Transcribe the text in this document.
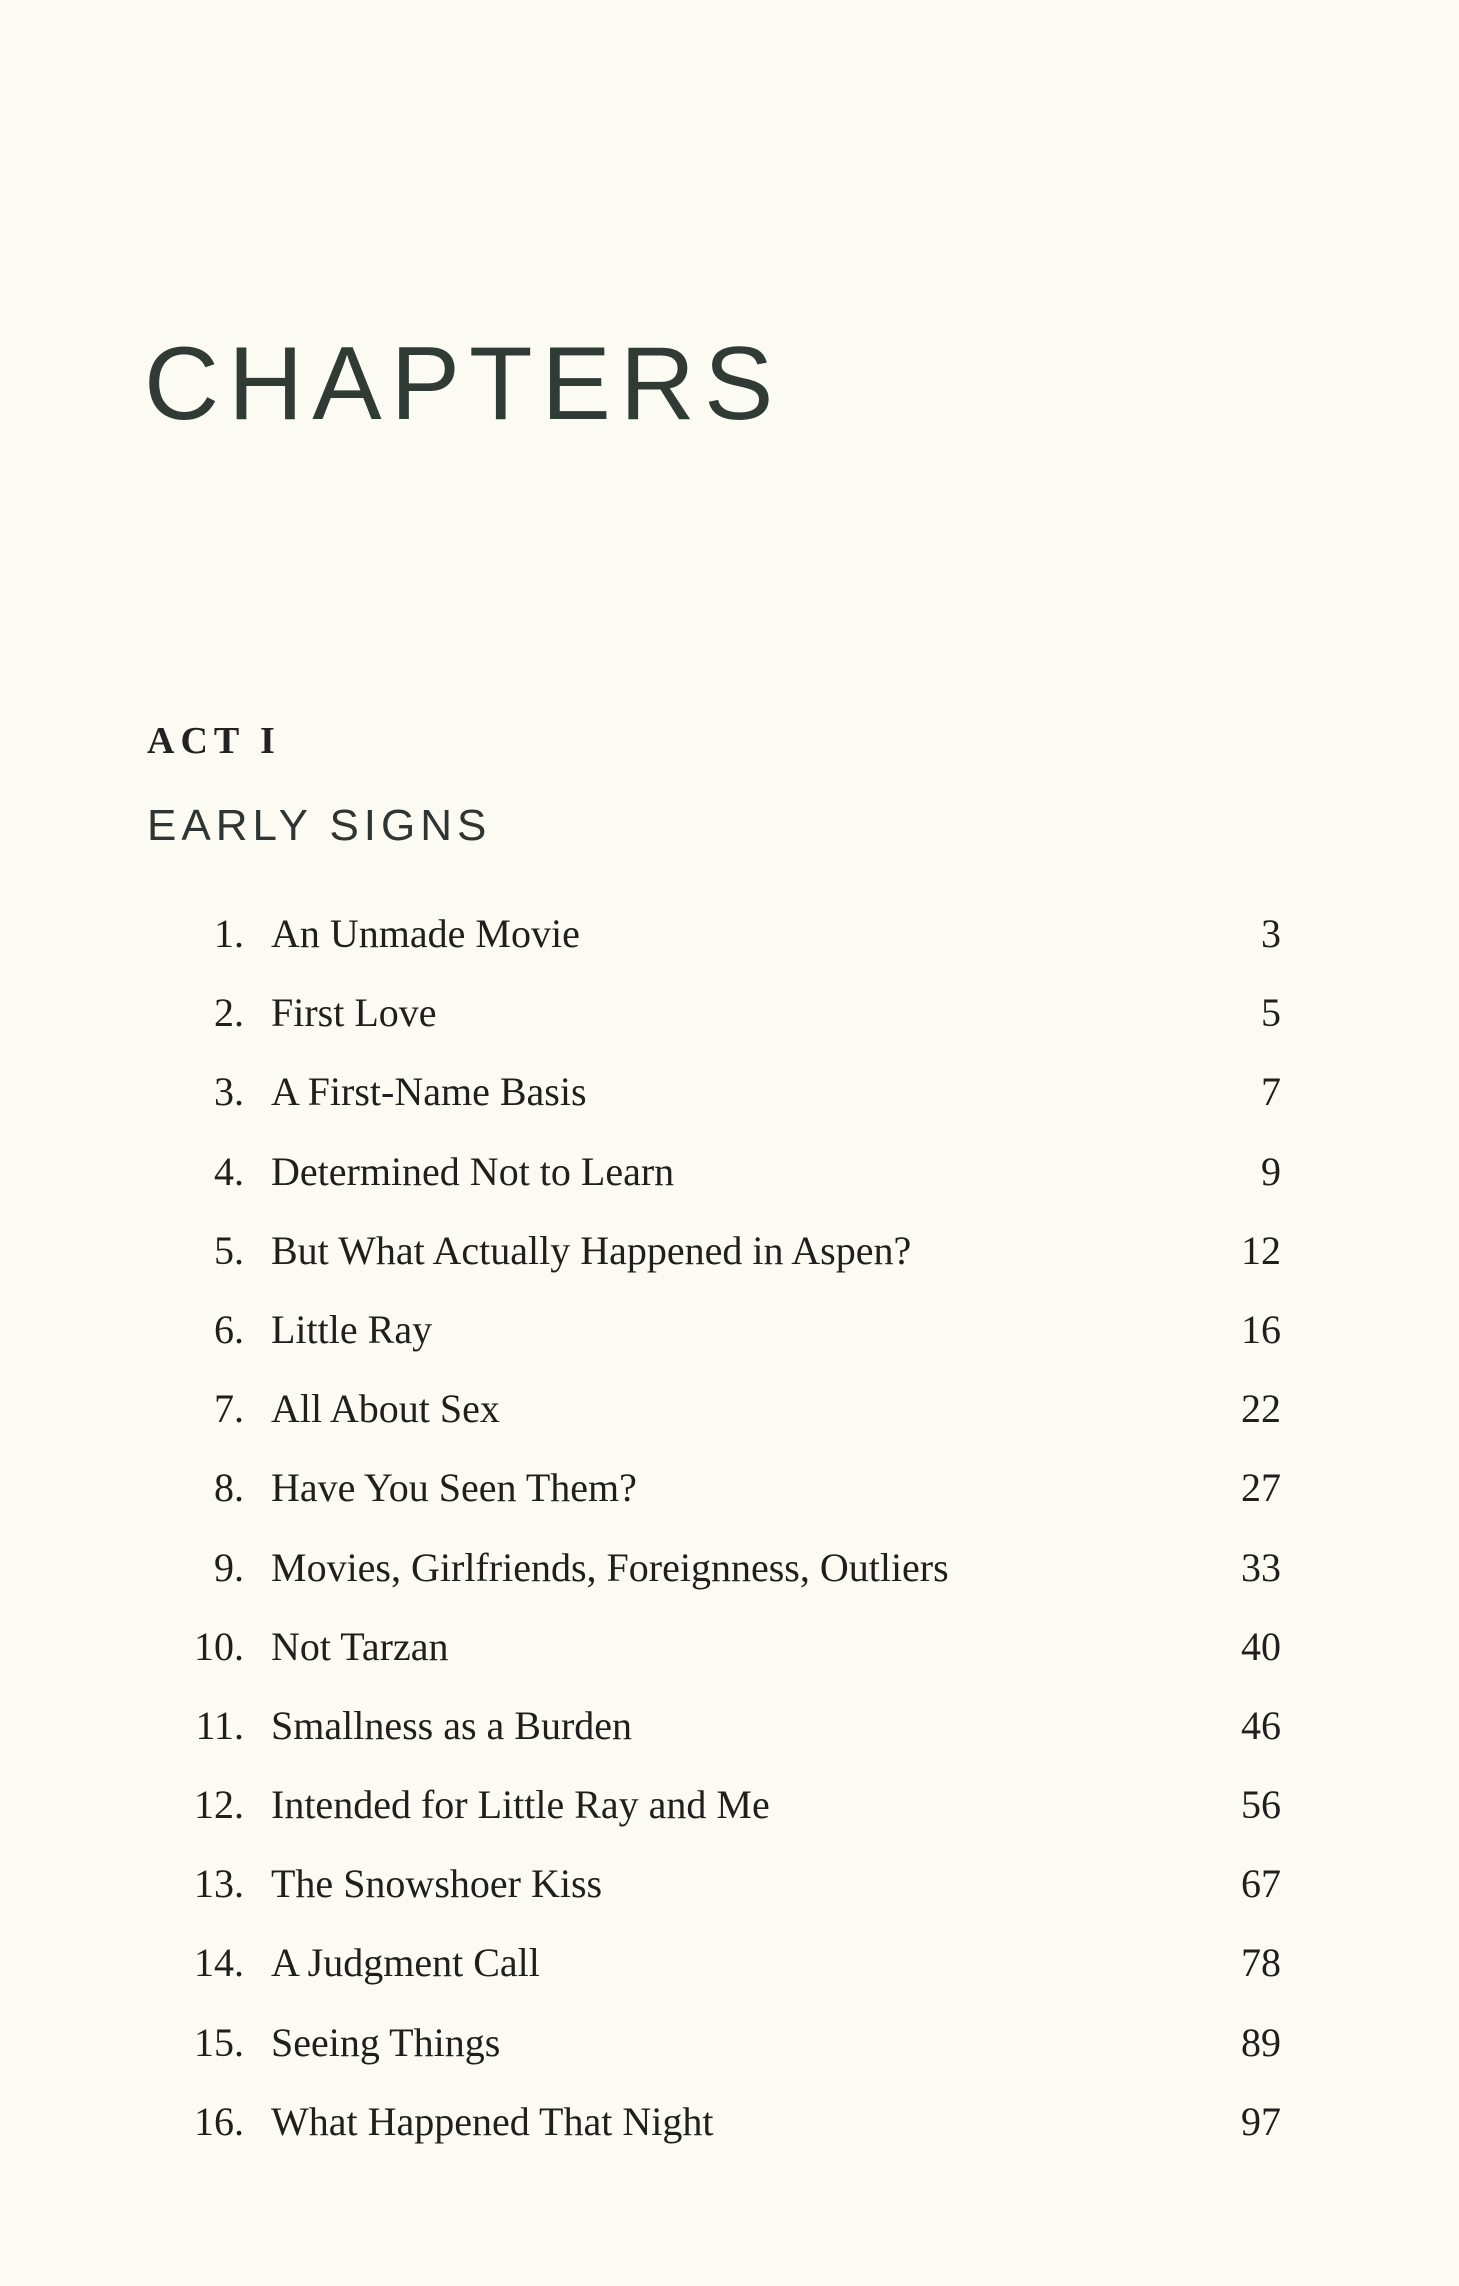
CHAPTERS
ACT I
EARLY SIGNS
1. An Unmade Movie	3
2. First Love	5
3. A First-Name Basis	7
4. Determined Not to Learn	9
5. But What Actually Happened in Aspen?	12
6. Little Ray	16
7. All About Sex	22
8. Have You Seen Them?	27
9. Movies, Girlfriends, Foreignness, Outliers	33
10. Not Tarzan	40
11. Smallness as a Burden	46
12. Intended for Little Ray and Me	56
13. The Snowshoer Kiss	67
14. A Judgment Call	78
15. Seeing Things	89
16. What Happened That Night	97
